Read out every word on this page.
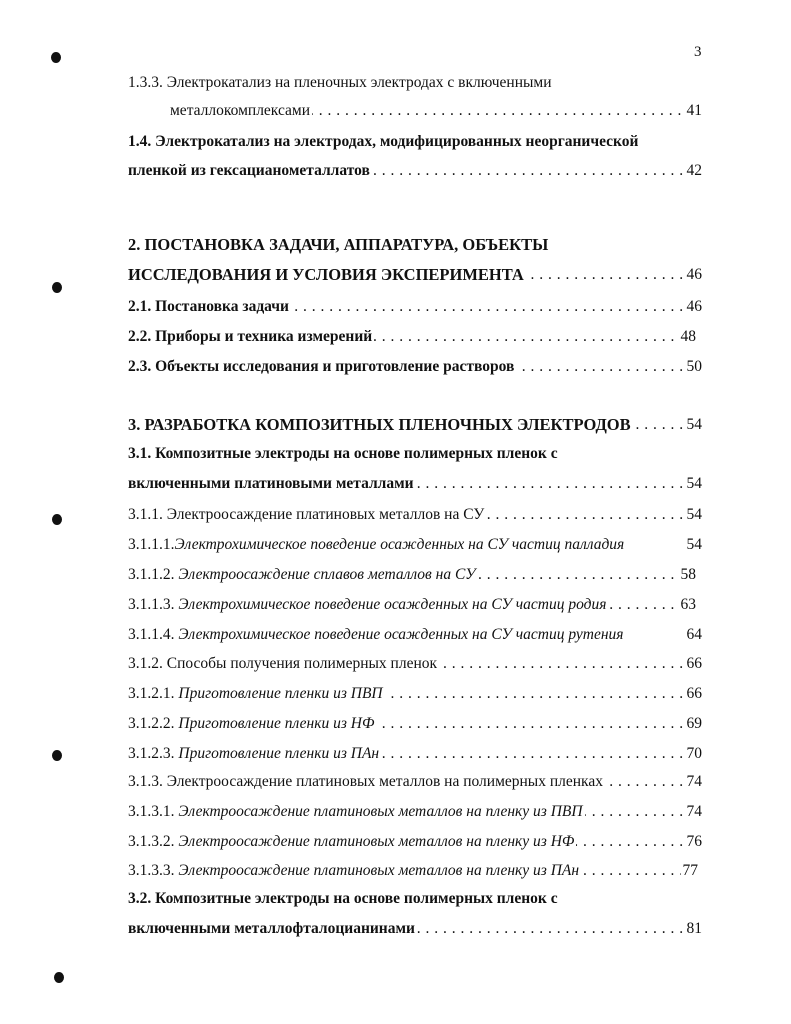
3
1.3.3. Электрокатализ на пленочных электродах с включенными
. . . металлокомплексами	41
1.4. Электрокатализ на электродах, модифицированных неорганической
. . . пленкой из гексацианометаллатов	42
2. ПОСТАНОВКА ЗАДАЧИ, АППАРАТУРА, ОБЪЕКТЫ
. . . ИССЛЕДОВАНИЯ И УСЛОВИЯ ЭКСПЕРИМЕНТА	46
. . . 2.1. Постановка задачи	46
. . . 2.2. Приборы и техника измерений	48
. . . 2.3. Объекты исследования и приготовление растворов	50
. . . 3. РАЗРАБОТКА КОМПОЗИТНЫХ ПЛЕНОЧНЫХ ЭЛЕКТРОДОВ	54
3.1. Композитные электроды на основе полимерных пленок с
. . . включенными платиновыми металлами	54
. . . 3.1.1. Электроосаждение платиновых металлов на СУ	54
3.1.1.1.Электрохимическое поведение осажденных на СУ частиц палладия	54
. . . 3.1.1.2. Электроосаждение сплавов металлов на СУ	58
. . . 3.1.1.3. Электрохимическое поведение осажденных на СУ частиц родия	63
3.1.1.4. Электрохимическое поведение осажденных на СУ частиц рутения	64
. . . 3.1.2. Способы получения полимерных пленок	66
. . . 3.1.2.1. Приготовление пленки из ПВП	66
. . . 3.1.2.2. Приготовление пленки из НФ	69
. . . 3.1.2.3. Приготовление пленки из ПАн	70
. . . 3.1.3. Электроосаждение платиновых металлов на полимерных пленках	74
. . . 3.1.3.1. Электроосаждение платиновых металлов на пленку из ПВП	74
. . . 3.1.3.2. Электроосаждение платиновых металлов на пленку из НФ	76
. . . 3.1.3.3. Электроосаждение платиновых металлов на пленку из ПАн	77
3.2. Композитные электроды на основе полимерных пленок с
. . . включенными металлофталоцианинами	81
